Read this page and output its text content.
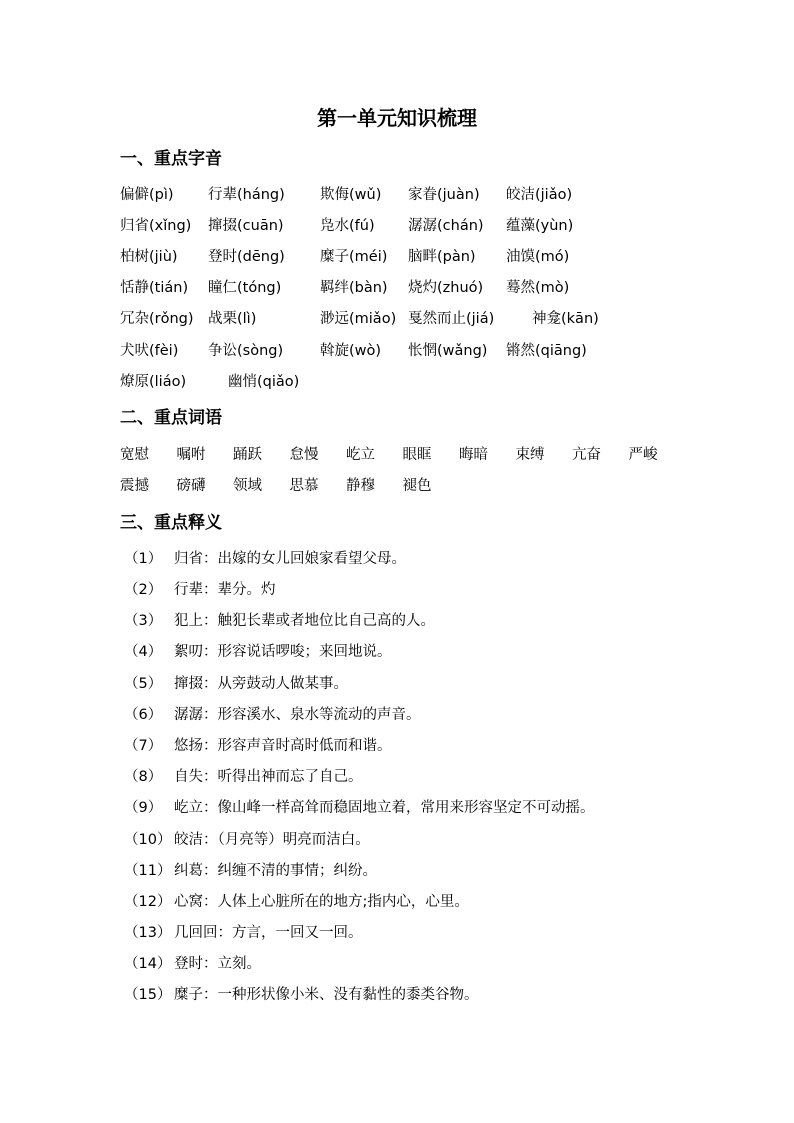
第一单元知识梳理
一、重点字音
偏僻(pì) 行辈(háng) 欺侮(wǔ) 家眷(juàn) 皎洁(jiǎo)
归省(xǐng) 撺掇(cuān)	凫水(fú) 潺潺(chán) 蕴藻(yùn)
柏树(jiù) 登时(dēng) 糜子(méi) 脑畔(pàn) 油馍(mó)
恬静(tián) 瞳仁(tóng)	羁绊(bàn) 烧灼(zhuó) 蓦然(mò)
冗杂(rǒng) 战栗(lì)	渺远(miǎo) 戛然而止(jiá)	神龛(kān)
犬吠(fèi) 争讼(sòng)	斡旋(wò) 怅惘(wǎng) 锵然(qiāng)
燎原(liáo)	幽悄(qiǎo)
二、重点词语
宽慰 嘱咐 踊跃 怠慢 屹立 眼眶 晦暗 束缚 亢奋 严峻
震撼 磅礴 领域 思慕 静穆 褪色
三、重点释义
（1） 归省：出嫁的女儿回娘家看望父母。
（2） 行辈：辈分。灼
（3） 犯上：触犯长辈或者地位比自己高的人。
（4） 絮叨：形容说话啰唆；来回地说。
（5） 撺掇：从旁鼓动人做某事。
（6） 潺潺：形容溪水、泉水等流动的声音。
（7） 悠扬：形容声音时高时低而和谐。
（8） 自失：听得出神而忘了自己。
（9） 屹立：像山峰一样高耸而稳固地立着，常用来形容坚定不可动摇。
（10） 皎洁：（月亮等）明亮而洁白。
（11） 纠葛：纠缠不清的事情；纠纷。
（12） 心窝：人体上心脏所在的地方;指内心，心里。
（13） 几回回：方言，一回又一回。
（14） 登时：立刻。
（15） 糜子：一种形状像小米、没有黏性的黍类谷物。
